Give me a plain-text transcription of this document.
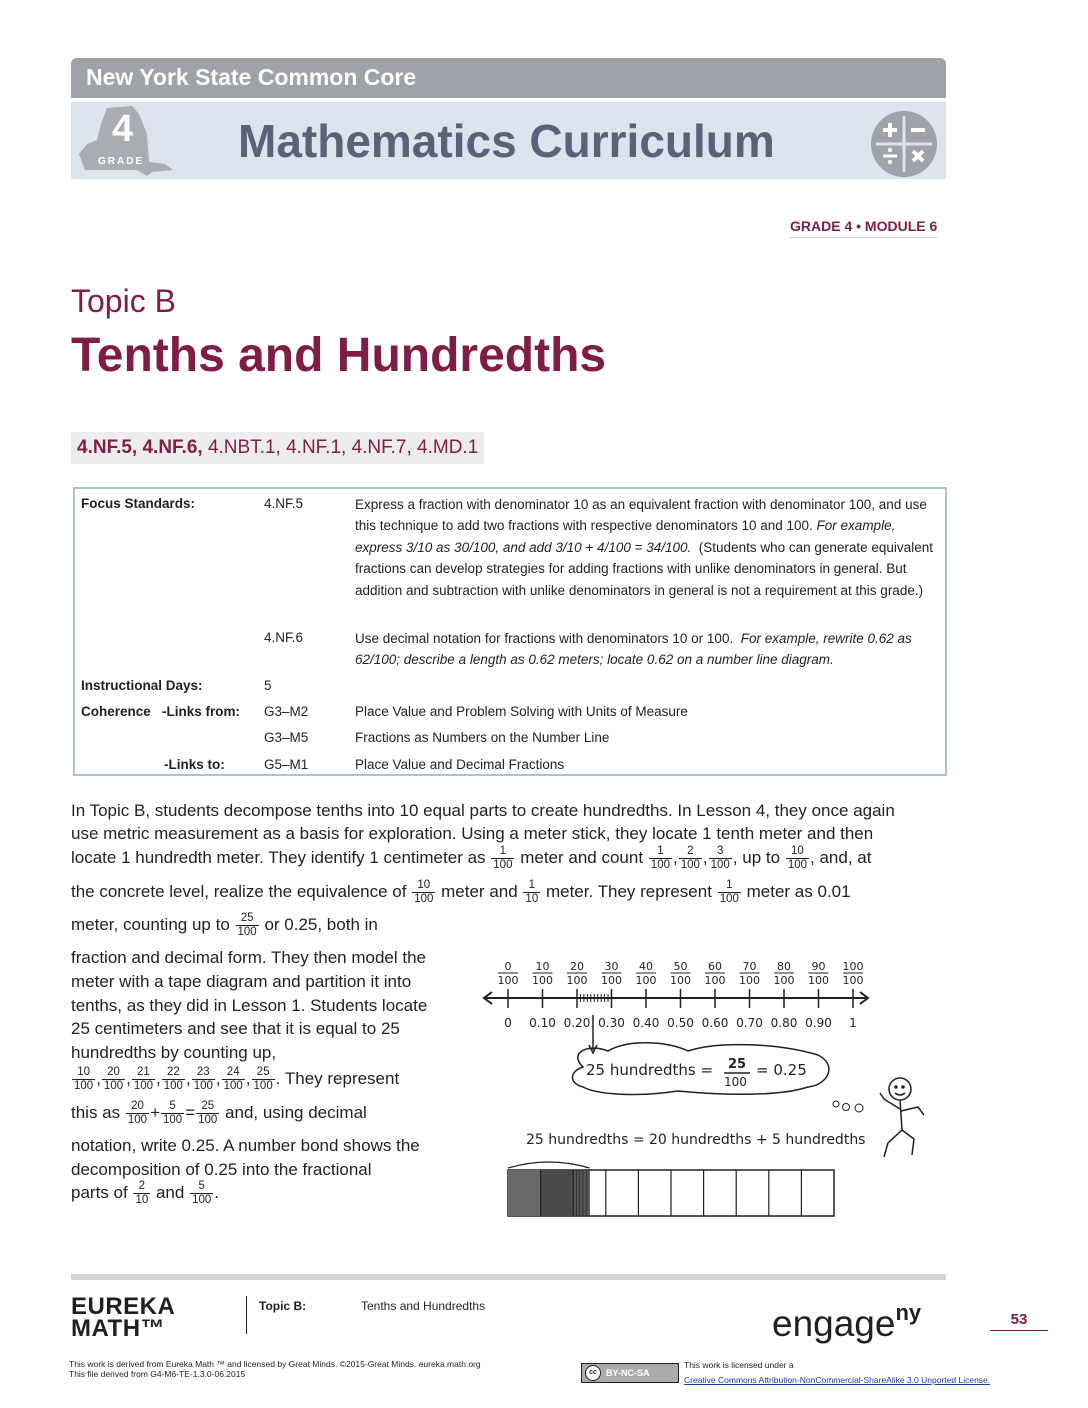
New York State Common Core
4
GRADE Mathematics Curriculum
GRADE 4 • MODULE 6
Topic B
Tenths and Hundredths
4.NF.5, 4.NF.6, 4.NBT.1, 4.NF.1, 4.NF.7, 4.MD.1
Focus Standards:	4.NF.5	Express a fraction with denominator 10 as an equivalent fraction with denominator 100, and use this technique to add two fractions with respective denominators 10 and 100. For example, express 3/10 as 30/100, and add 3/10 + 4/100 = 34/100. (Students who can generate equivalent fractions can develop strategies for adding fractions with unlike denominators in general. But addition and subtraction with unlike denominators in general is not a requirement at this grade.)
4.NF.6	Use decimal notation for fractions with denominators 10 or 100. For example, rewrite 0.62 as 62/100; describe a length as 0.62 meters; locate 0.62 on a number line diagram.
Instructional Days:	5
Coherence   -Links from: G3–M2	Place Value and Problem Solving with Units of Measure
G3–M5	Fractions as Numbers on the Number Line
-Links to:	G5–M1	Place Value and Decimal Fractions
In Topic B, students decompose tenths into 10 equal parts to create hundredths. In Lesson 4, they once again
use metric measurement as a basis for exploration. Using a meter stick, they locate 1 tenth meter and then
locate 1 hundredth meter. They identify 1 centimeter as $\frac{1}{100}$ meter and count $\frac{1}{100}$ , $\frac{2}{100}$ , $\frac{3}{100}$ , up to $\frac{10}{100}$ , and, at
the concrete level, realize the equivalence of $\frac{10}{100}$ meter and $\frac{1}{10}$ meter. They represent $\frac{1}{100}$ meter as 0.01
meter, counting up to $\frac{25}{100}$ or 0.25, both in
fraction and decimal form. They then model the meter with a tape diagram and partition it into tenths, as they did in Lesson 1. Students locate 25 centimeters and see that it is equal to 25 hundredths by counting up,
$\frac{10}{100}$ , $\frac{20}{100}$ , $\frac{21}{100}$ , $\frac{22}{100}$ , $\frac{23}{100}$ , $\frac{24}{100}$ , $\frac{25}{100}$ . They represent
this as $\frac{20}{100} + \frac{5}{100} = \frac{25}{100}$ and, using decimal
notation, write 0.25. A number bond shows the decomposition of 0.25 into the fractional
parts of $\frac{2}{10}$ and $\frac{5}{100}$ .
0
100
10
100
20
100
30
100
40
100
50
100
60
100
70
100
80
100
90
100
100
100
0 0.10 0.20 0.30 0.40 0.50 0.60 0.70 0.80 0.90 1
25 hundredths = 25
100
= 0.25
25 hundredths = 20 hundredths + 5 hundredths
EUREKA
MATH™
Topic B:	Tenths and Hundredths	engage$^{ny}$	53
This work is derived from Eureka Math ™ and licensed by Great Minds. ©2015-Great Minds. eureka math.org
This file derived from G4-M6-TE-1.3.0-06.2015	BY-NC-SA
cc
This work is licensed under a
Creative Commons Attribution-NonCommercial-ShareAlike 3.0 Unported License.
